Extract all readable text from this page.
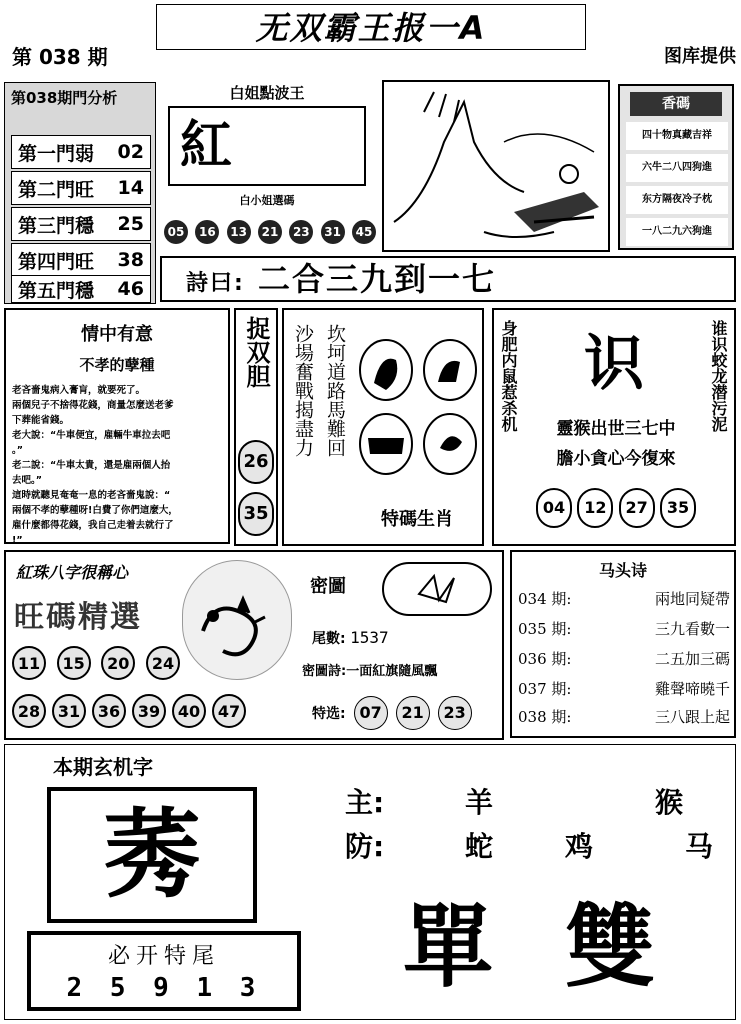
无双霸王报一A
第 038 期	图库提供
第038期門分析
第一門弱 02
第二門旺 14
第三門穩 25
第四門旺 38
第五門穩 46
白姐點波王
紅
白小姐選碼
05	16	13	21	23	31	45
香碼
四十物真藏吉祥
六牛二八四狗進
东方隔夜冷子枕
一八二九六狗進
詩曰: 二合三九到一七
情中有意
不孝的孽種
老吝嗇鬼病入膏肓，就要死了。
兩個兒子不捨得花錢，商量怎麼送老爹
下葬能省錢。
老大說：“牛車便宜，雇輛牛車拉去吧
。”
老二說：“牛車太貴，還是雇兩個人抬
去吧。”
這時就聽見奄奄一息的老吝嗇鬼說：“
兩個不孝的孽種呀!白費了你們這麼大，
雇什麼都得花錢，我自己走着去就行了
!”
捉双胆
26
35
沙場奮戰揭盡力 坎坷道路馬難回
特碼生肖
身肥内鼠惹杀机	谁识蛟龙潜污泥
识
靈猴出世三七中
膽小貪心今復來
04	12	27	35
紅珠八字很稱心
旺碼精選
11	15	20	24
28	31	36	39	40	47
密圖
尾數: 1537
密圖詩:一面紅旗隨風飄
特选: 07	21	23
马头诗
034 期:	兩地同疑帶
035 期:	三九看數一
036 期:	二五加三碼
037 期:	雞聲啼曉千
038 期:	三八跟上起
本期玄机字
莠
必开特尾
2 5 9 1 3
主:	羊	猴
防:	蛇	鸡	马
單 雙
